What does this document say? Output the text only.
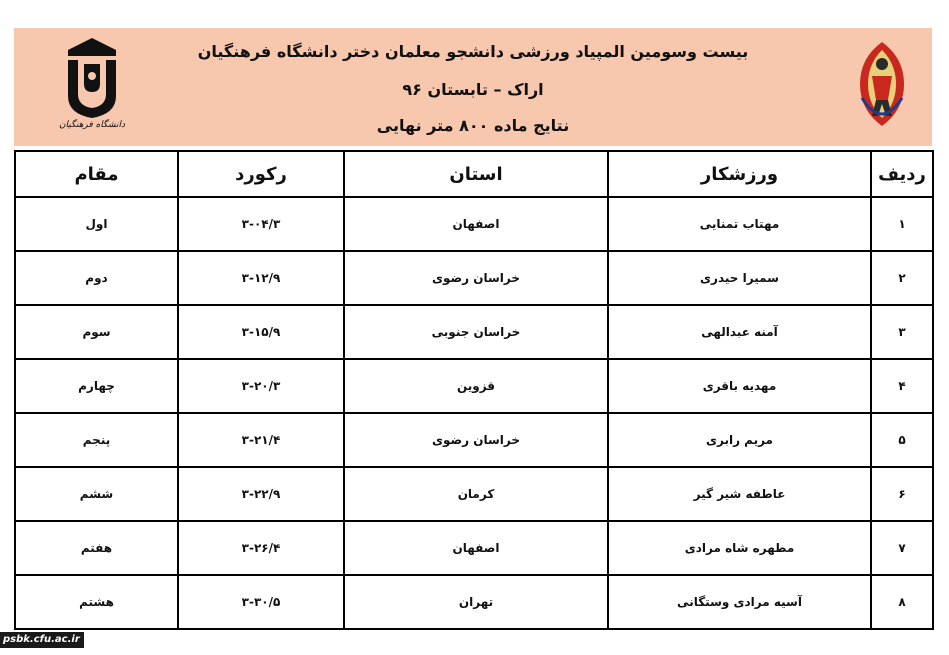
دانشگاه فرهنگیان
بیست وسومین المپیاد ورزشی دانشجو معلمان دختر دانشگاه فرهنگیان
اراک – تابستان ۹۶
نتایج ماده ۸۰۰ متر نهایی
ردیف	ورزشکار	استان	رکورد	مقام
۱	مهتاب تمنایی	اصفهان	۳-۰۴/۳	اول
۲	سمیرا حیدری	خراسان رضوی	۳-۱۲/۹	دوم
۳	آمنه عبدالهی	خراسان جنوبی	۳-۱۵/۹	سوم
۴	مهدیه باقری	قزوین	۳-۲۰/۳	چهارم
۵	مریم رابری	خراسان رضوی	۳-۲۱/۴	پنجم
۶	عاطفه شیر گیر	کرمان	۳-۲۲/۹	ششم
۷	مطهره شاه مرادی	اصفهان	۳-۲۶/۴	هفتم
۸	آسیه مرادی وستگانی	تهران	۳-۳۰/۵	هشتم
psbk.cfu.ac.ir
